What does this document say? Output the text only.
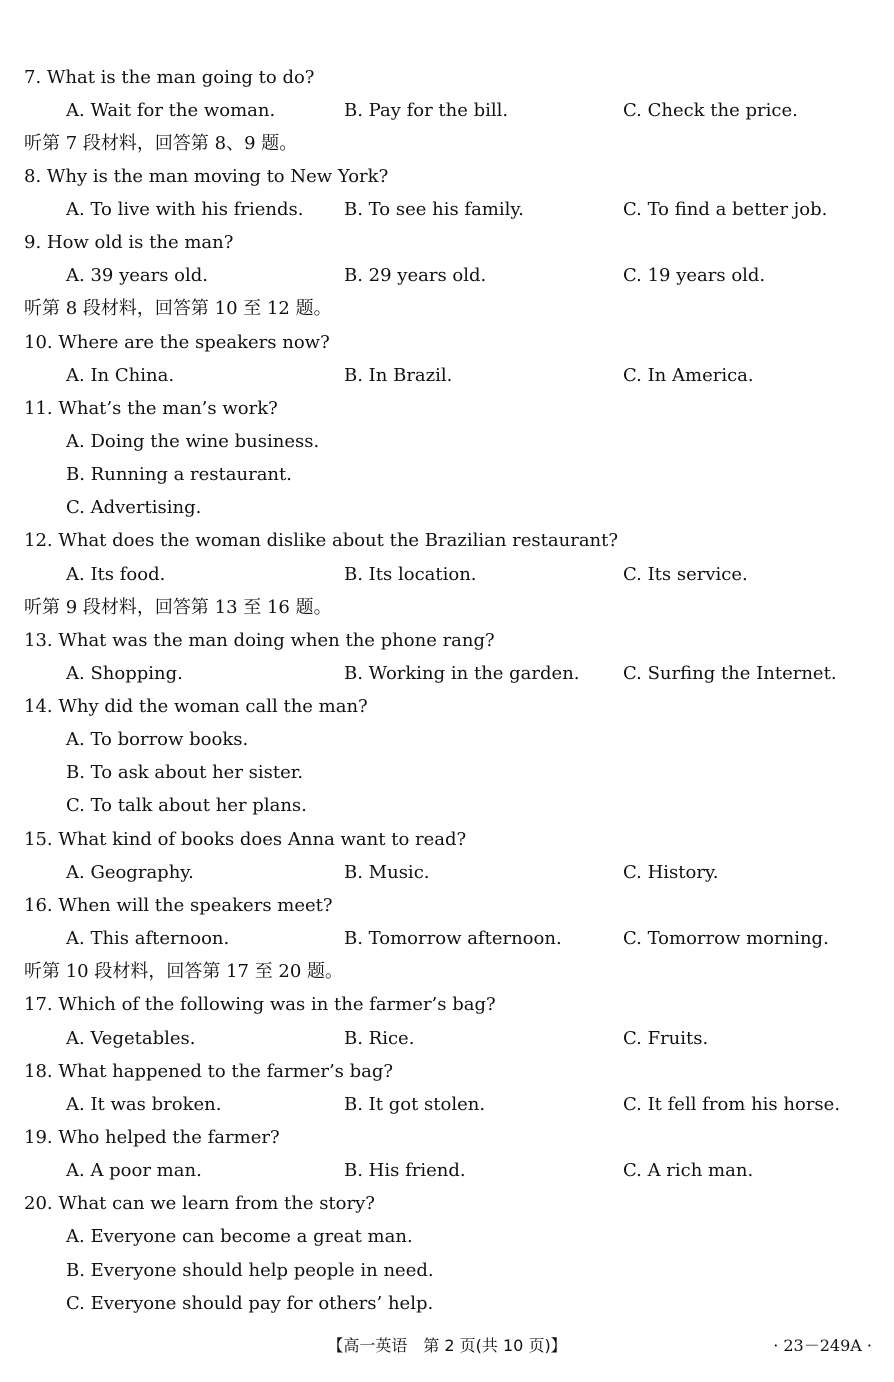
7. What is the man going to do?
A. Wait for the woman.	B. Pay for the bill.	C. Check the price.
听第 7 段材料，回答第 8、9 题。
8. Why is the man moving to New York?
A. To live with his friends. B. To see his family.	C. To find a better job.
9. How old is the man?
A. 39 years old.	B. 29 years old.	C. 19 years old.
听第 8 段材料，回答第 10 至 12 题。
10. Where are the speakers now?
A. In China.	B. In Brazil.	C. In America.
11. What’s the man’s work?
A. Doing the wine business.
B. Running a restaurant.
C. Advertising.
12. What does the woman dislike about the Brazilian restaurant?
A. Its food.	B. Its location.	C. Its service.
听第 9 段材料，回答第 13 至 16 题。
13. What was the man doing when the phone rang?
A. Shopping.	B. Working in the garden. C. Surfing the Internet.
14. Why did the woman call the man?
A. To borrow books.
B. To ask about her sister.
C. To talk about her plans.
15. What kind of books does Anna want to read?
A. Geography.	B. Music.	C. History.
16. When will the speakers meet?
A. This afternoon.	B. Tomorrow afternoon.	C. Tomorrow morning.
听第 10 段材料，回答第 17 至 20 题。
17. Which of the following was in the farmer’s bag?
A. Vegetables.	B. Rice.	C. Fruits.
18. What happened to the farmer’s bag?
A. It was broken.	B. It got stolen.	C. It fell from his horse.
19. Who helped the farmer?
A. A poor man.	B. His friend.	C. A rich man.
20. What can we learn from the story?
A. Everyone can become a great man.
B. Everyone should help people in need.
C. Everyone should pay for others’ help.
【高一英语　第 2 页(共 10 页)】	· 23－249A ·
